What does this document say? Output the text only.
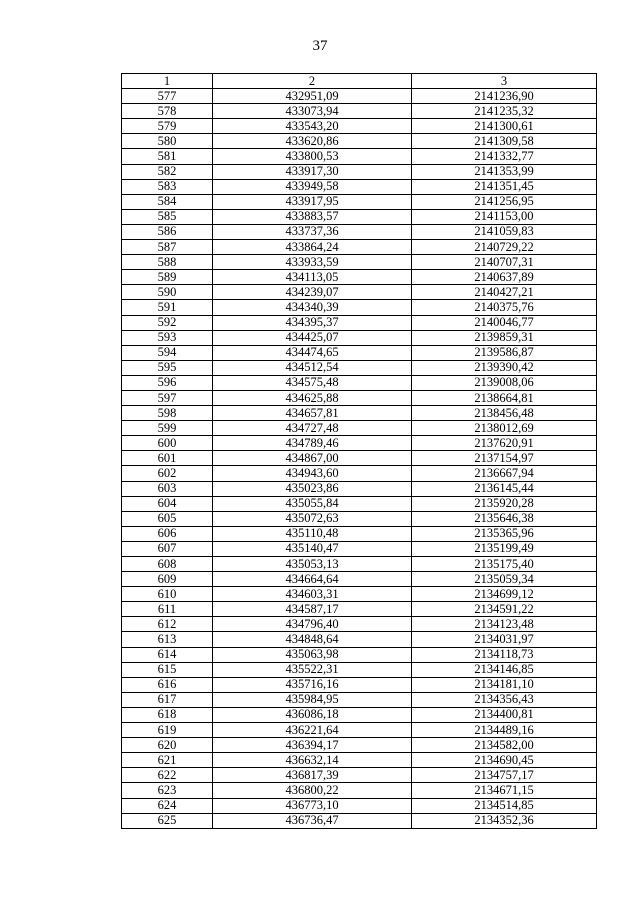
37
1	2	3
577	432951,09	2141236,90
578	433073,94	2141235,32
579	433543,20	2141300,61
580	433620,86	2141309,58
581	433800,53	2141332,77
582	433917,30	2141353,99
583	433949,58	2141351,45
584	433917,95	2141256,95
585	433883,57	2141153,00
586	433737,36	2141059,83
587	433864,24	2140729,22
588	433933,59	2140707,31
589	434113,05	2140637,89
590	434239,07	2140427,21
591	434340,39	2140375,76
592	434395,37	2140046,77
593	434425,07	2139859,31
594	434474,65	2139586,87
595	434512,54	2139390,42
596	434575,48	2139008,06
597	434625,88	2138664,81
598	434657,81	2138456,48
599	434727,48	2138012,69
600	434789,46	2137620,91
601	434867,00	2137154,97
602	434943,60	2136667,94
603	435023,86	2136145,44
604	435055,84	2135920,28
605	435072,63	2135646,38
606	435110,48	2135365,96
607	435140,47	2135199,49
608	435053,13	2135175,40
609	434664,64	2135059,34
610	434603,31	2134699,12
611	434587,17	2134591,22
612	434796,40	2134123,48
613	434848,64	2134031,97
614	435063,98	2134118,73
615	435522,31	2134146,85
616	435716,16	2134181,10
617	435984,95	2134356,43
618	436086,18	2134400,81
619	436221,64	2134489,16
620	436394,17	2134582,00
621	436632,14	2134690,45
622	436817,39	2134757,17
623	436800,22	2134671,15
624	436773,10	2134514,85
625	436736,47	2134352,36
